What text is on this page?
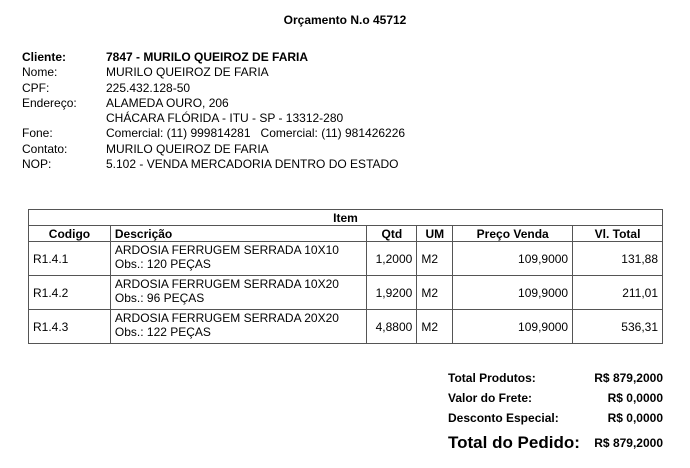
Orçamento N.o 45712
Cliente:	7847 - MURILO QUEIROZ DE FARIA
Nome:	MURILO QUEIROZ DE FARIA
CPF:	225.432.128-50
Endereço:	ALAMEDA OURO, 206
CHÁCARA FLÓRIDA - ITU - SP - 13312-280
Fone:	Comercial: (11) 999814281   Comercial: (11) 981426226
Contato:	MURILO QUEIROZ DE FARIA
NOP:	5.102 - VENDA MERCADORIA DENTRO DO ESTADO
Item					
Codigo	Descrição	Qtd	UM	Preço Venda	Vl. Total
R1.4.1	ARDOSIA FERRUGEM SERRADA 10X10
Obs.: 120 PEÇAS	1,2000	M2	109,9000	131,88
R1.4.2	ARDOSIA FERRUGEM SERRADA 10X20
Obs.: 96 PEÇAS	1,9200	M2	109,9000	211,01
R1.4.3	ARDOSIA FERRUGEM SERRADA 20X20
Obs.: 122 PEÇAS	4,8800	M2	109,9000	536,31
Total Produtos:	R$ 879,2000
Valor do Frete:	R$ 0,0000
Desconto Especial:	R$ 0,0000
Total do Pedido: R$ 879,2000
